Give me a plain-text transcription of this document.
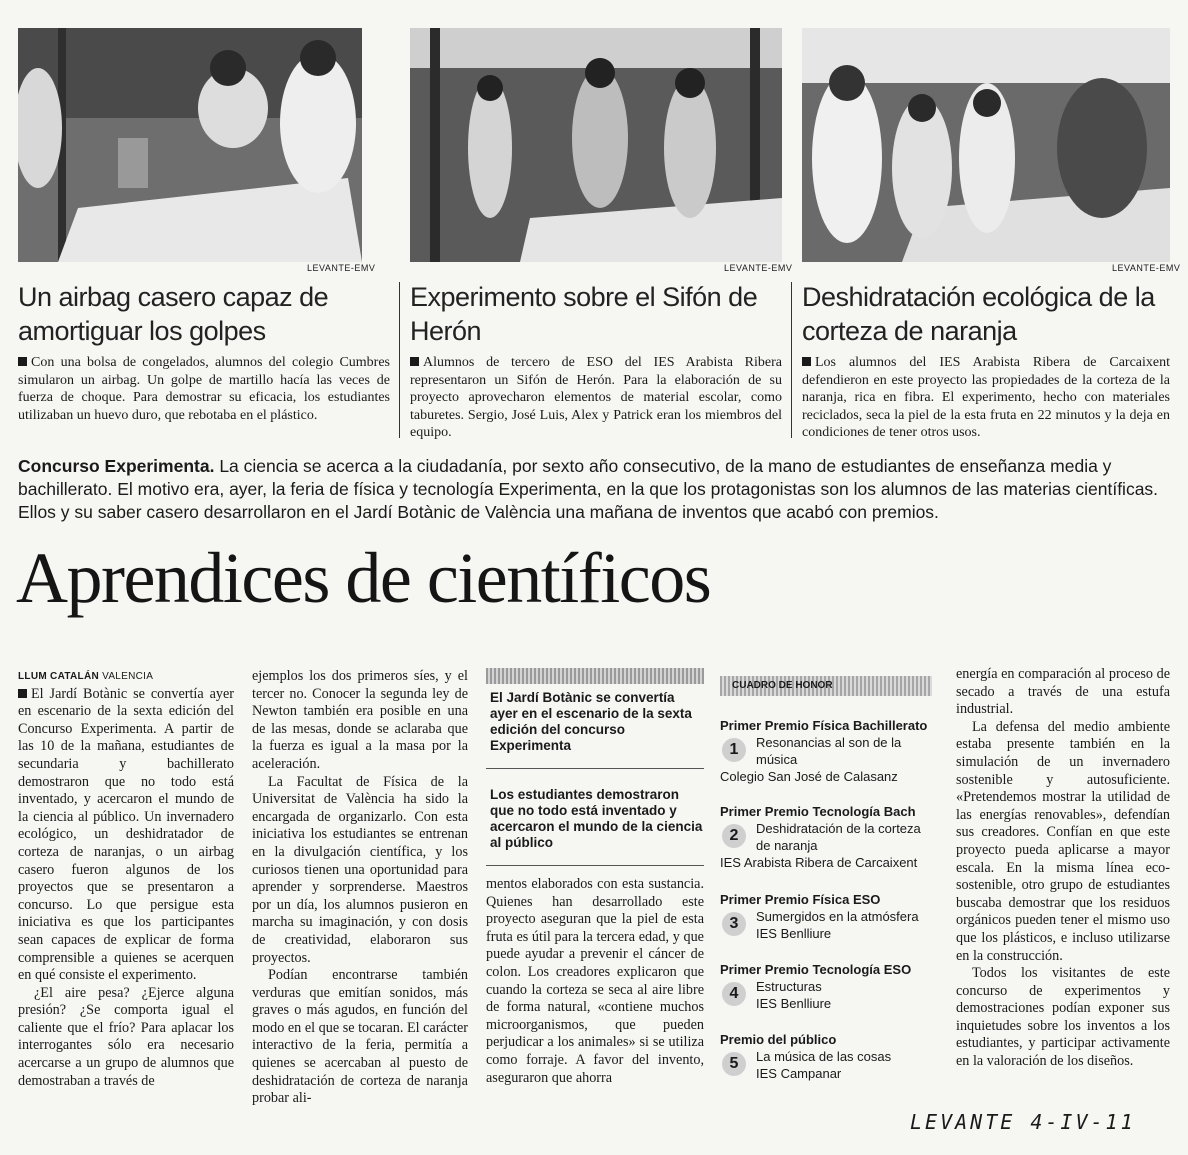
LEVANTE-EMV	LEVANTE-EMV	LEVANTE-EMV
Un airbag casero capaz de amortiguar los golpes
Con una bolsa de congelados, alumnos del colegio Cumbres simularon un airbag. Un golpe de martillo hacía las veces de fuerza de choque. Para demostrar su eficacia, los estudiantes utilizaban un huevo duro, que rebotaba en el plástico.
Experimento sobre el Sifón de Herón
Alumnos de tercero de ESO del IES Arabista Ribera representaron un Sifón de Herón. Para la elaboración de su proyecto aprovecharon elementos de material escolar, como taburetes. Sergio, José Luis, Alex y Patrick eran los miembros del equipo.
Deshidratación ecológica de la corteza de naranja
Los alumnos del IES Arabista Ribera de Carcaixent defendieron en este proyecto las propiedades de la corteza de la naranja, rica en fibra. El experimento, hecho con materiales reciclados, seca la piel de la esta fruta en 22 minutos y la deja en condiciones de tener otros usos.
Concurso Experimenta. La ciencia se acerca a la ciudadanía, por sexto año consecutivo, de la mano de estudiantes de enseñanza media y bachillerato. El motivo era, ayer, la feria de física y tecnología Experimenta, en la que los protagonistas son los alumnos de las materias científicas. Ellos y su saber casero desarrollaron en el Jardí Botànic de València una mañana de inventos que acabó con premios.
Aprendices de científicos
LLUM CATALÁN VALENCIA

El Jardí Botànic se convertía ayer en escenario de la sexta edición del Concurso Experimenta. A partir de las 10 de la mañana, estudiantes de secundaria y bachillerato demostraron que no todo está inventado, y acercaron el mundo de la ciencia al público. Un invernadero ecológico, un deshidratador de corteza de naranjas, o un airbag casero fueron algunos de los proyectos que se presentaron a concurso. Lo que persigue esta iniciativa es que los participantes sean capaces de explicar de forma comprensible a quienes se acerquen en qué consiste el experimento.

¿El aire pesa? ¿Ejerce alguna presión? ¿Se comporta igual el caliente que el frío? Para aplacar los interrogantes sólo era necesario acercarse a un grupo de alumnos que demostraban a través de

ejemplos los dos primeros síes, y el tercer no. Conocer la segunda ley de Newton también era posible en una de las mesas, donde se aclaraba que la fuerza es igual a la masa por la aceleración.

La Facultat de Física de la Universitat de València ha sido la encargada de organizarlo. Con esta iniciativa los estudiantes se entrenan en la divulgación científica, y los curiosos tienen una oportunidad para aprender y sorprenderse. Maestros por un día, los alumnos pusieron en marcha su imaginación, y con dosis de creatividad, elaboraron sus proyectos.

Podían encontrarse también verduras que emitían sonidos, más graves o más agudos, en función del modo en el que se tocaran. El carácter interactivo de la feria, permitía a quienes se acercaban al puesto de deshidratación de corteza de naranja probar ali-

El Jardí Botànic se convertía ayer en el escenario de la sexta edición del concurso Experimenta
Los estudiantes demostraron que no todo está inventado y acercaron el mundo de la ciencia al público

mentos elaborados con esta sustancia. Quienes han desarrollado este proyecto aseguran que la piel de esta fruta es útil para la tercera edad, y que puede ayudar a prevenir el cáncer de colon. Los creadores explicaron que cuando la corteza se seca al aire libre de forma natural, «contiene muchos microorganismos, que pueden perjudicar a los animales» si se utiliza como forraje. A favor del invento, aseguraron que ahorra

CUADRO DE HONOR
Primer Premio Física Bachillerato
1	Resonancias al son de la música
Colegio San José de Calasanz
Primer Premio Tecnología Bach
2	Deshidratación de la corteza de naranja
IES Arabista Ribera de Carcaixent
Primer Premio Física ESO
3	Sumergidos en la atmósfera
IES Benlliure
Primer Premio Tecnología ESO
4	Estructuras
IES Benlliure
Premio del público
5	La música de las cosas
IES Campanar

energía en comparación al proceso de secado a través de una estufa industrial.

La defensa del medio ambiente estaba presente también en la simulación de un invernadero sostenible y autosuficiente. «Pretendemos mostrar la utilidad de las energías renovables», defendían sus creadores. Confían en que este proyecto pueda aplicarse a mayor escala. En la misma línea eco-sostenible, otro grupo de estudiantes buscaba demostrar que los residuos orgánicos pueden tener el mismo uso que los plásticos, e incluso utilizarse en la construcción.

Todos los visitantes de este concurso de experimentos y demostraciones podían exponer sus inquietudes sobre los inventos a los estudiantes, y participar activamente en la valoración de los diseños.

LEVANTE 4-IV-11
